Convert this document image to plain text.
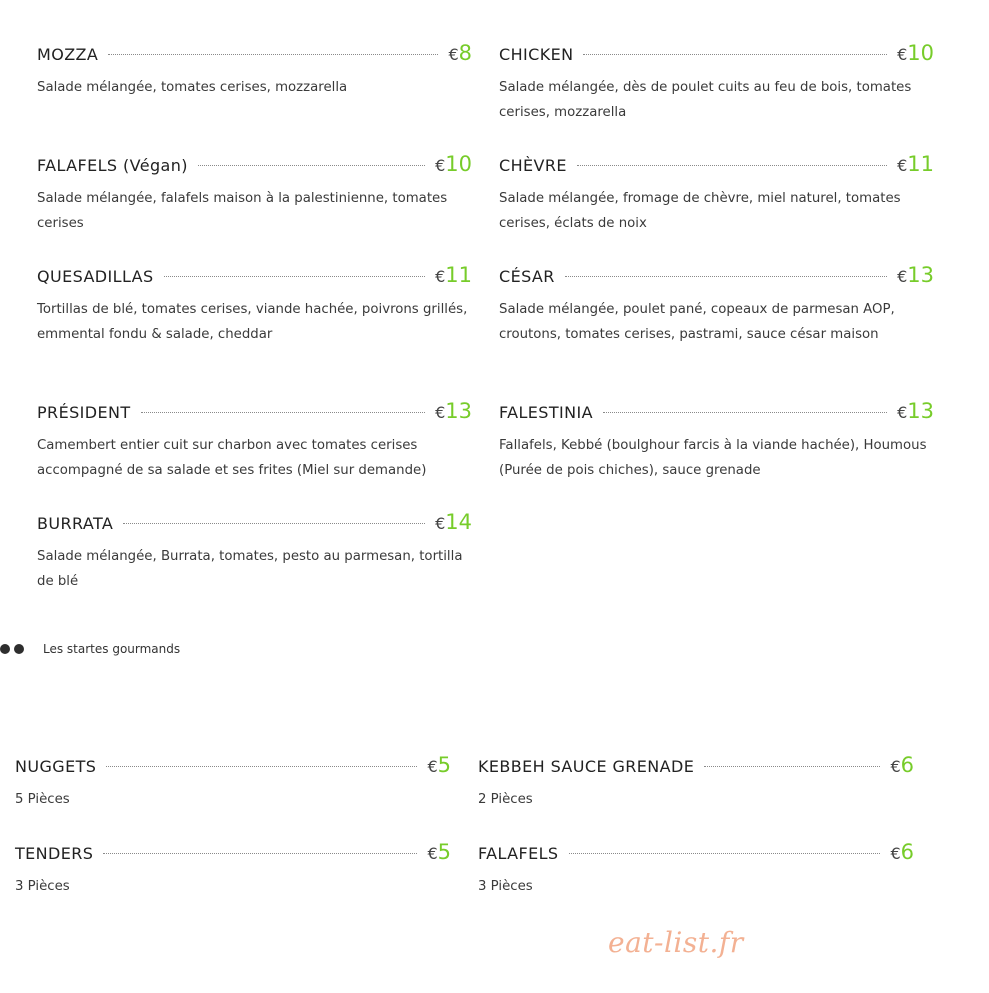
MOZZA	€ 8
Salade mélangée, tomates cerises, mozzarella
CHICKEN	€ 10
Salade mélangée, dès de poulet cuits au feu de bois, tomates cerises, mozzarella
FALAFELS (Végan)	€ 10
Salade mélangée, falafels maison à la palestinienne, tomates cerises
CHÈVRE	€ 11
Salade mélangée, fromage de chèvre, miel naturel, tomates cerises, éclats de noix
QUESADILLAS	€ 11
Tortillas de blé, tomates cerises, viande hachée, poivrons grillés, emmental fondu & salade, cheddar
CÉSAR	€ 13
Salade mélangée, poulet pané, copeaux de parmesan AOP, croutons, tomates cerises, pastrami, sauce césar maison
PRÉSIDENT	€ 13
Camembert entier cuit sur charbon avec tomates cerises accompagné de sa salade et ses frites (Miel sur demande)
FALESTINIA	€ 13
Fallafels, Kebbé (boulghour farcis à la viande hachée), Houmous (Purée de pois chiches), sauce grenade
BURRATA	€ 14
Salade mélangée, Burrata, tomates, pesto au parmesan, tortilla de blé
Les startes gourmands
NUGGETS	€ 5
5 Pièces
KEBBEH SAUCE GRENADE	€ 6
2 Pièces
TENDERS	€ 5
3 Pièces
FALAFELS	€ 6
3 Pièces
eat-list.fr
